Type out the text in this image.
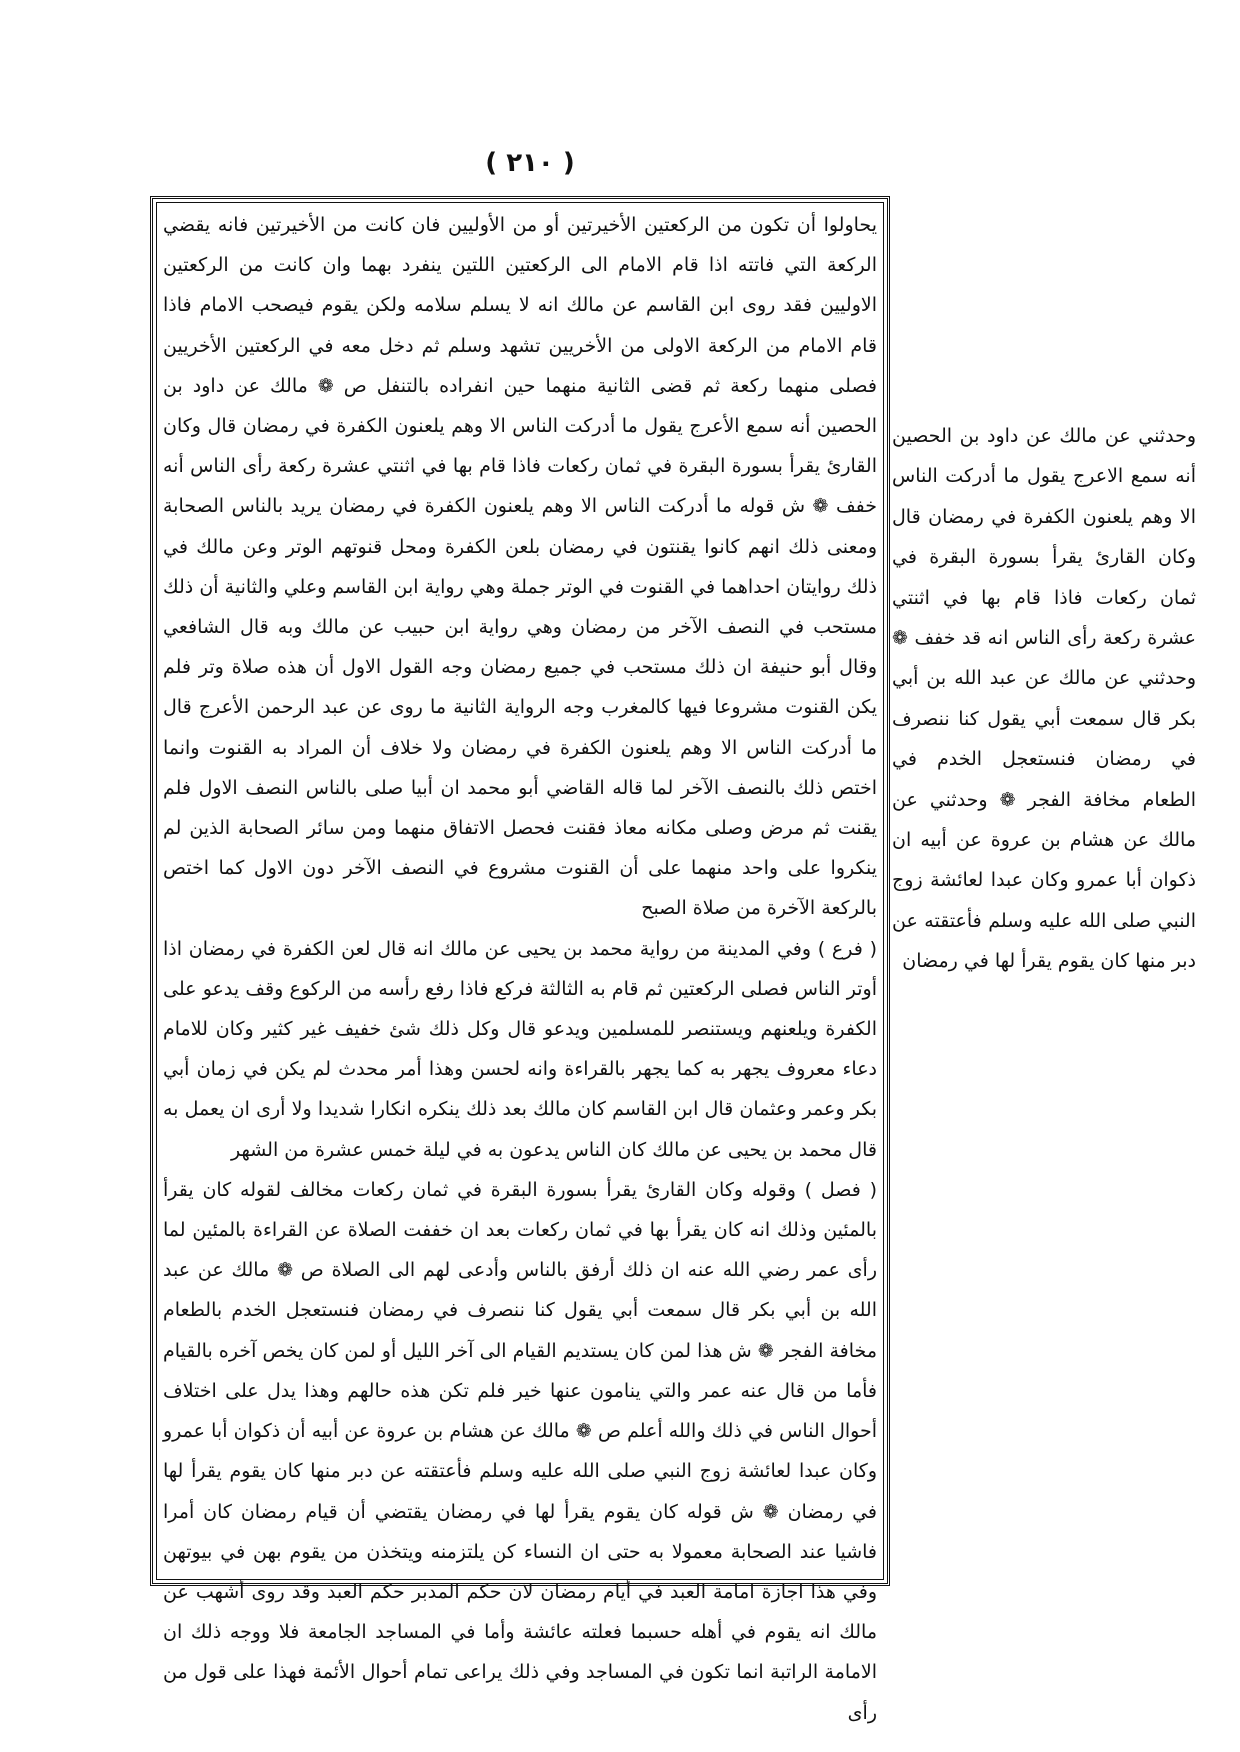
( ٢١٠ )

يحاولوا أن تكون من الركعتين الأخيرتين أو من الأوليين فان كانت من الأخيرتين فانه يقضي الركعة التي فاتته اذا قام الامام الى الركعتين اللتين ينفرد بهما وان كانت من الركعتين الاوليين فقد روى ابن القاسم عن مالك انه لا يسلم سلامه ولكن يقوم فيصحب الامام فاذا قام الامام من الركعة الاولى من الأخريين تشهد وسلم ثم دخل معه في الركعتين الأخريين فصلى منهما ركعة ثم قضى الثانية منهما حين انفراده بالتنفل ص ❁ مالك عن داود بن الحصين أنه سمع الأعرج يقول ما أدركت الناس الا وهم يلعنون الكفرة في رمضان قال وكان القارئ يقرأ بسورة البقرة في ثمان ركعات فاذا قام بها في اثنتي عشرة ركعة رأى الناس أنه خفف ❁ ش قوله ما أدركت الناس الا وهم يلعنون الكفرة في رمضان يريد بالناس الصحابة ومعنى ذلك انهم كانوا يقنتون في رمضان بلعن الكفرة ومحل قنوتهم الوتر وعن مالك في ذلك روايتان احداهما في القنوت في الوتر جملة وهي رواية ابن القاسم وعلي والثانية أن ذلك مستحب في النصف الآخر من رمضان وهي رواية ابن حبيب عن مالك وبه قال الشافعي وقال أبو حنيفة ان ذلك مستحب في جميع رمضان وجه القول الاول أن هذه صلاة وتر فلم يكن القنوت مشروعا فيها كالمغرب وجه الرواية الثانية ما روى عن عبد الرحمن الأعرج قال ما أدركت الناس الا وهم يلعنون الكفرة في رمضان ولا خلاف أن المراد به القنوت وانما اختص ذلك بالنصف الآخر لما قاله القاضي أبو محمد ان أبيا صلى بالناس النصف الاول فلم يقنت ثم مرض وصلى مكانه معاذ فقنت فحصل الاتفاق منهما ومن سائر الصحابة الذين لم ينكروا على واحد منهما على أن القنوت مشروع في النصف الآخر دون الاول كما اختص بالركعة الآخرة من صلاة الصبح

( فرع ) وفي المدينة من رواية محمد بن يحيى عن مالك انه قال لعن الكفرة في رمضان اذا أوتر الناس فصلى الركعتين ثم قام به الثالثة فركع فاذا رفع رأسه من الركوع وقف يدعو على الكفرة ويلعنهم ويستنصر للمسلمين ويدعو قال وكل ذلك شئ خفيف غير كثير وكان للامام دعاء معروف يجهر به كما يجهر بالقراءة وانه لحسن وهذا أمر محدث لم يكن في زمان أبي بكر وعمر وعثمان قال ابن القاسم كان مالك بعد ذلك ينكره انكارا شديدا ولا أرى ان يعمل به قال محمد بن يحيى عن مالك كان الناس يدعون به في ليلة خمس عشرة من الشهر

( فصل ) وقوله وكان القارئ يقرأ بسورة البقرة في ثمان ركعات مخالف لقوله كان يقرأ بالمئين وذلك انه كان يقرأ بها في ثمان ركعات بعد ان خففت الصلاة عن القراءة بالمئين لما رأى عمر رضي الله عنه ان ذلك أرفق بالناس وأدعى لهم الى الصلاة ص ❁ مالك عن عبد الله بن أبي بكر قال سمعت أبي يقول كنا ننصرف في رمضان فنستعجل الخدم بالطعام مخافة الفجر ❁ ش هذا لمن كان يستديم القيام الى آخر الليل أو لمن كان يخص آخره بالقيام فأما من قال عنه عمر والتي ينامون عنها خير فلم تكن هذه حالهم وهذا يدل على اختلاف أحوال الناس في ذلك والله أعلم ص ❁ مالك عن هشام بن عروة عن أبيه أن ذكوان أبا عمرو وكان عبدا لعائشة زوج النبي صلى الله عليه وسلم فأعتقته عن دبر منها كان يقوم يقرأ لها في رمضان ❁ ش قوله كان يقوم يقرأ لها في رمضان يقتضي أن قيام رمضان كان أمرا فاشيا عند الصحابة معمولا به حتى ان النساء كن يلتزمنه ويتخذن من يقوم بهن في بيوتهن وفي هذا اجازة امامة العبد في أيام رمضان لان حكم المدبر حكم العبد وقد روى أشهب عن مالك انه يقوم في أهله حسبما فعلته عائشة وأما في المساجد الجامعة فلا ووجه ذلك ان الامامة الراتبة انما تكون في المساجد وفي ذلك يراعى تمام أحوال الأئمة فهذا على قول من رأى

وحدثني عن مالك عن داود بن الحصين أنه سمع الاعرج يقول ما أدركت الناس الا وهم يلعنون الكفرة في رمضان قال وكان القارئ يقرأ بسورة البقرة في ثمان ركعات فاذا قام بها في اثنتي عشرة ركعة رأى الناس انه قد خفف ❁ وحدثني عن مالك عن عبد الله بن أبي بكر قال سمعت أبي يقول كنا ننصرف في رمضان فنستعجل الخدم في الطعام مخافة الفجر ❁ وحدثني عن مالك عن هشام بن عروة عن أبيه ان ذكوان أبا عمرو وكان عبدا لعائشة زوج النبي صلى الله عليه وسلم فأعتقته عن دبر منها كان يقوم يقرأ لها في رمضان
